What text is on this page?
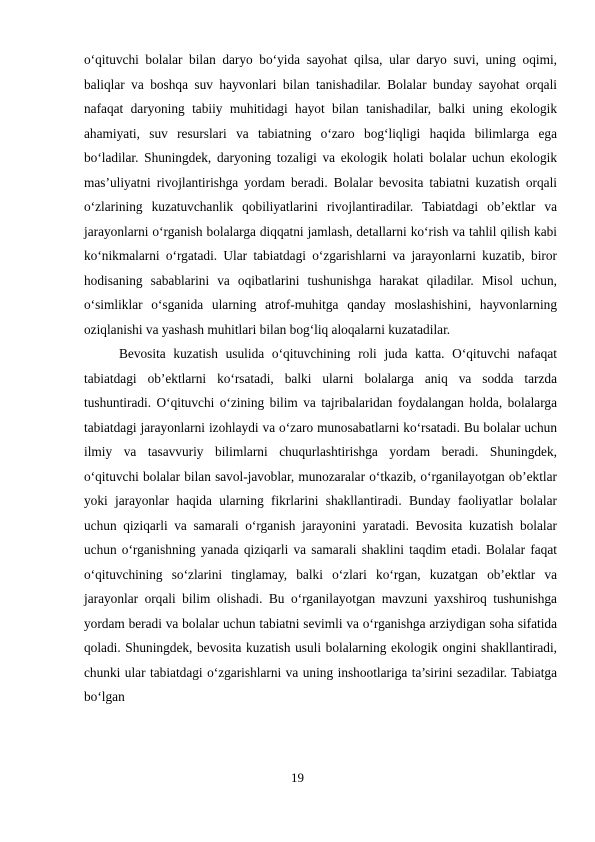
o‘qituvchi bolalar bilan daryo bo‘yida sayohat qilsa, ular daryo suvi, uning oqimi, baliqlar va boshqa suv hayvonlari bilan tanishadilar. Bolalar bunday sayohat orqali nafaqat daryoning tabiiy muhitidagi hayot bilan tanishadilar, balki uning ekologik ahamiyati, suv resurslari va tabiatning o‘zaro bog‘liqligi haqida bilimlarga ega bo‘ladilar. Shuningdek, daryoning tozaligi va ekologik holati bolalar uchun ekologik mas’uliyatni rivojlantirishga yordam beradi. Bolalar bevosita tabiatni kuzatish orqali o‘zlarining kuzatuvchanlik qobiliyatlarini rivojlantiradilar. Tabiatdagi ob’ektlar va jarayonlarni o‘rganish bolalarga diqqatni jamlash, detallarni ko‘rish va tahlil qilish kabi ko‘nikmalarni o‘rgatadi. Ular tabiatdagi o‘zgarishlarni va jarayonlarni kuzatib, biror hodisaning sabablarini va oqibatlarini tushunishga harakat qiladilar. Misol uchun, o‘simliklar o‘sganida ularning atrof-muhitga qanday moslashishini, hayvonlarning oziqlanishi va yashash muhitlari bilan bog‘liq aloqalarni kuzatadilar.

Bevosita kuzatish usulida o‘qituvchining roli juda katta. O‘qituvchi nafaqat tabiatdagi ob’ektlarni ko‘rsatadi, balki ularni bolalarga aniq va sodda tarzda tushuntiradi. O‘qituvchi o‘zining bilim va tajribalaridan foydalangan holda, bolalarga tabiatdagi jarayonlarni izohlaydi va o‘zaro munosabatlarni ko‘rsatadi. Bu bolalar uchun ilmiy va tasavvuriy bilimlarni chuqurlashtirishga yordam beradi. Shuningdek, o‘qituvchi bolalar bilan savol-javoblar, munozaralar o‘tkazib, o‘rganilayotgan ob’ektlar yoki jarayonlar haqida ularning fikrlarini shakllantiradi. Bunday faoliyatlar bolalar uchun qiziqarli va samarali o‘rganish jarayonini yaratadi. Bevosita kuzatish bolalar uchun o‘rganishning yanada qiziqarli va samarali shaklini taqdim etadi. Bolalar faqat o‘qituvchining so‘zlarini tinglamay, balki o‘zlari ko‘rgan, kuzatgan ob’ektlar va jarayonlar orqali bilim olishadi. Bu o‘rganilayotgan mavzuni yaxshiroq tushunishga yordam beradi va bolalar uchun tabiatni sevimli va o‘rganishga arziydigan soha sifatida qoladi. Shuningdek, bevosita kuzatish usuli bolalarning ekologik ongini shakllantiradi, chunki ular tabiatdagi o‘zgarishlarni va uning inshootlariga ta’sirini sezadilar. Tabiatga bo‘lgan

19
